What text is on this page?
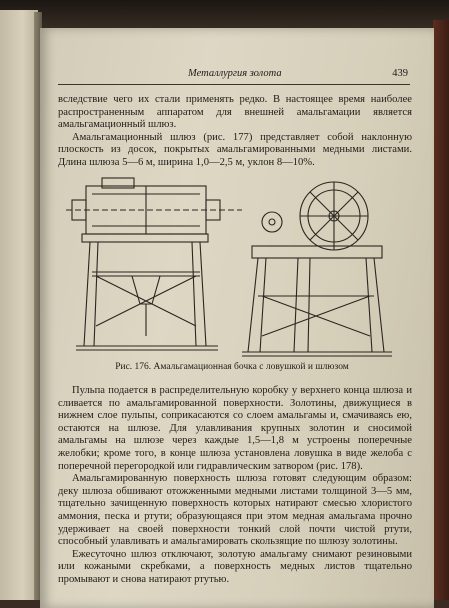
Металлургия золота	439

вследствие чего их стали применять редко. В настоящее время наиболее распространенным аппаратом для внешней амальгамации является амальгамационный шлюз.

Амальгамационный шлюз (рис. 177) представляет собой наклонную плоскость из досок, покрытых амальгамированными медными листами. Длина шлюза 5—6 м, ширина 1,0—2,5 м, уклон 8—10%.

Рис. 176. Амальгамационная бочка с ловушкой и шлюзом

Пульпа подается в распределительную коробку у верхнего конца шлюза и сливается по амальгамированной поверхности. Золотины, движущиеся в нижнем слое пульпы, соприкасаются со слоем амальгамы и, смачиваясь ею, остаются на шлюзе. Для улавливания крупных золотин и сносимой амальгамы на шлюзе через каждые 1,5—1,8 м устроены поперечные желобки; кроме того, в конце шлюза установлена ловушка в виде желоба с поперечной перегородкой или гидравлическим затвором (рис. 178).

Амальгамированную поверхность шлюза готовят следующим образом: деку шлюза обшивают отожженными медными листами толщиной 3—5 мм, тщательно зачищенную поверхность которых натирают смесью хлористого аммония, песка и ртути; образующаяся при этом медная амальгама прочно удерживает на своей поверхности тонкий слой почти чистой ртути, способный улавливать и амальгамировать скользящие по шлюзу золотины.

Ежесуточно шлюз отключают, золотую амальгаму снимают резиновыми или кожаными скребками, а поверхность медных листов тщательно промывают и снова натирают ртутью.
